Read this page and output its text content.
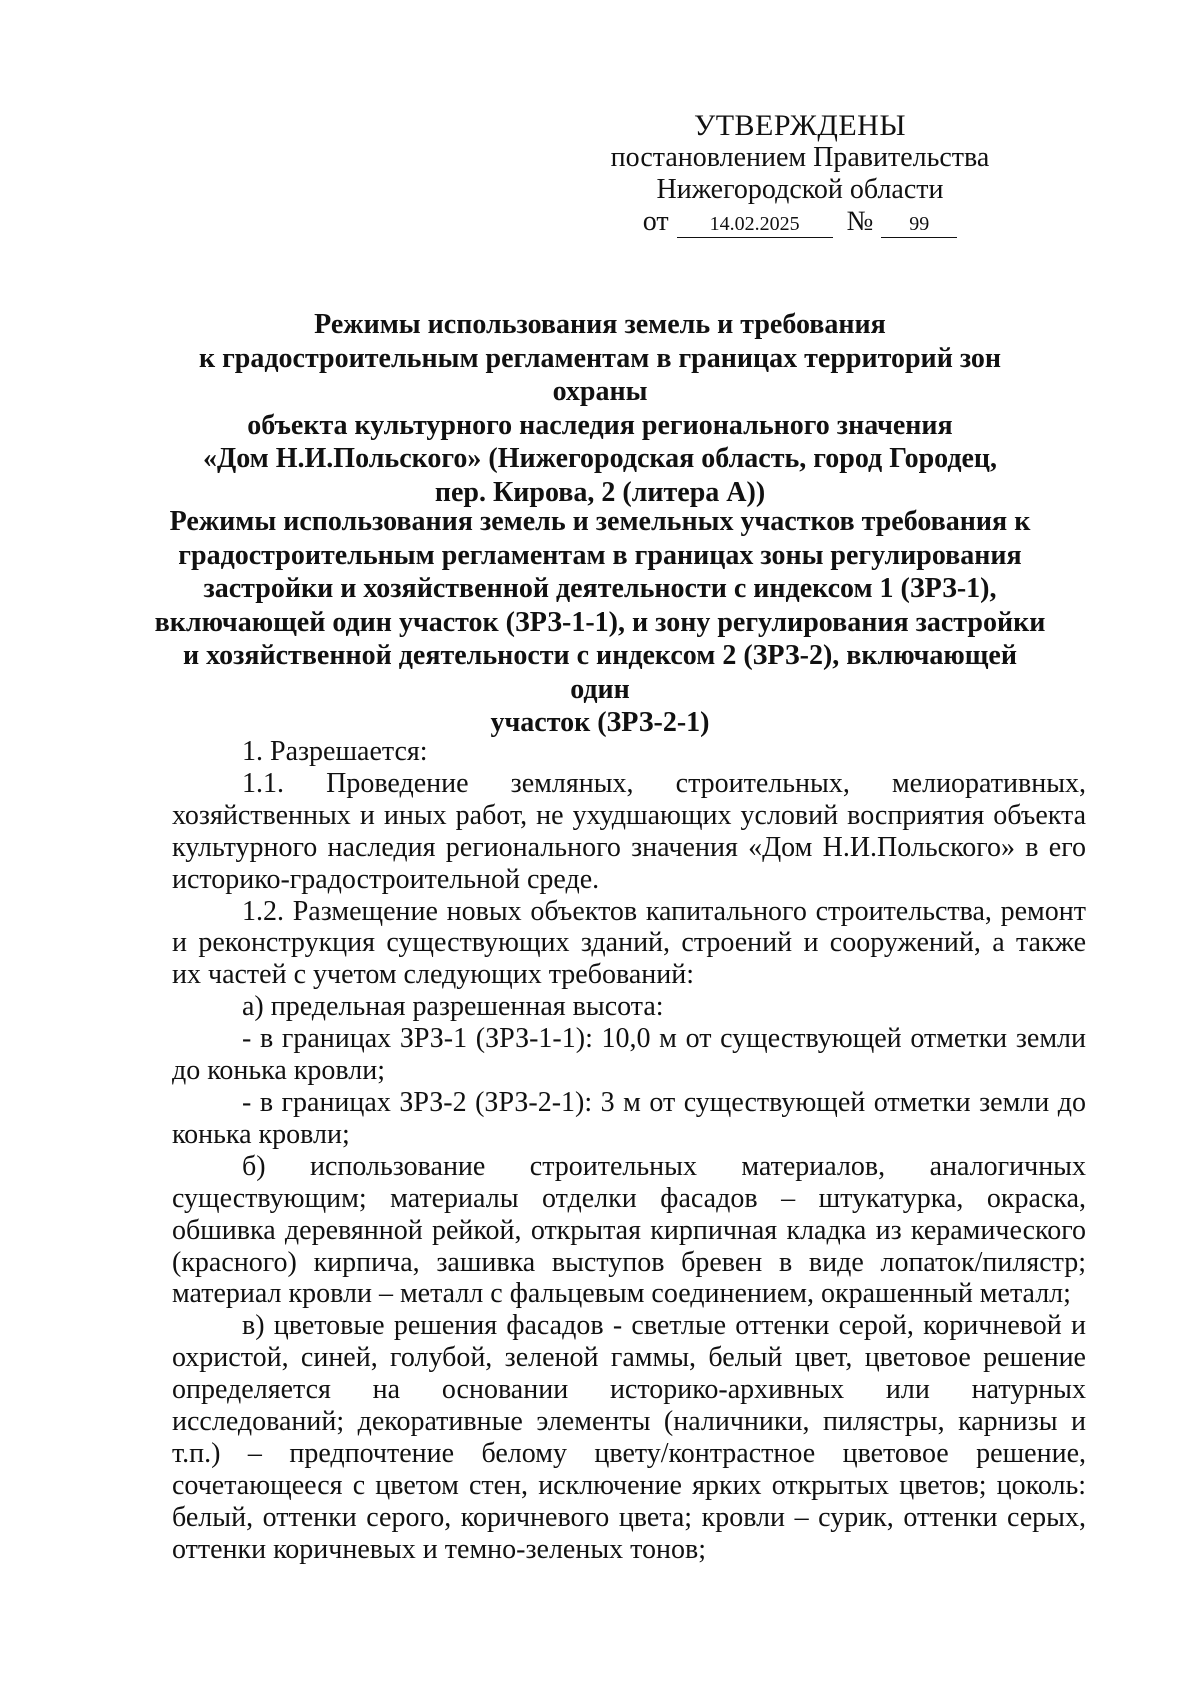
УТВЕРЖДЕНЫ
постановлением Правительства
Нижегородской области
от	14.02.2025	№	99
Режимы использования земель и требования
к градостроительным регламентам в границах территорий зон охраны
объекта культурного наследия регионального значения
«Дом Н.И.Польского» (Нижегородская область, город Городец,
пер. Кирова, 2 (литера А))
Режимы использования земель и земельных участков требования к
градостроительным регламентам в границах зоны регулирования
застройки и хозяйственной деятельности с индексом 1 (ЗРЗ-1),
включающей один участок (ЗРЗ-1-1), и зону регулирования застройки
и хозяйственной деятельности с индексом 2 (ЗРЗ-2), включающей один
участок (ЗРЗ-2-1)

1. Разрешается:

1.1. Проведение земляных, строительных, мелиоративных, хозяйственных и иных работ, не ухудшающих условий восприятия объекта культурного наследия регионального значения «Дом Н.И.Польского» в его историко-градостроительной среде.

1.2. Размещение новых объектов капитального строительства, ремонт и реконструкция существующих зданий, строений и сооружений, а также их частей с учетом следующих требований:

а) предельная разрешенная высота:

- в границах ЗРЗ-1 (ЗРЗ-1-1): 10,0 м от существующей отметки земли до конька кровли;

- в границах ЗРЗ-2 (ЗРЗ-2-1): 3 м от существующей отметки земли до конька кровли;

б) использование строительных материалов, аналогичных существующим; материалы отделки фасадов – штукатурка, окраска, обшивка деревянной рейкой, открытая кирпичная кладка из керамического (красного) кирпича, зашивка выступов бревен в виде лопаток/пилястр; материал кровли – металл с фальцевым соединением, окрашенный металл;

в) цветовые решения фасадов - светлые оттенки серой, коричневой и охристой, синей, голубой, зеленой гаммы, белый цвет, цветовое решение определяется на основании историко-архивных или натурных исследований; декоративные элементы (наличники, пилястры, карнизы и т.п.) – предпочтение белому цвету/контрастное цветовое решение, сочетающееся с цветом стен, исключение ярких открытых цветов; цоколь: белый, оттенки серого, коричневого цвета; кровли – сурик, оттенки серых, оттенки коричневых и темно-зеленых тонов;
